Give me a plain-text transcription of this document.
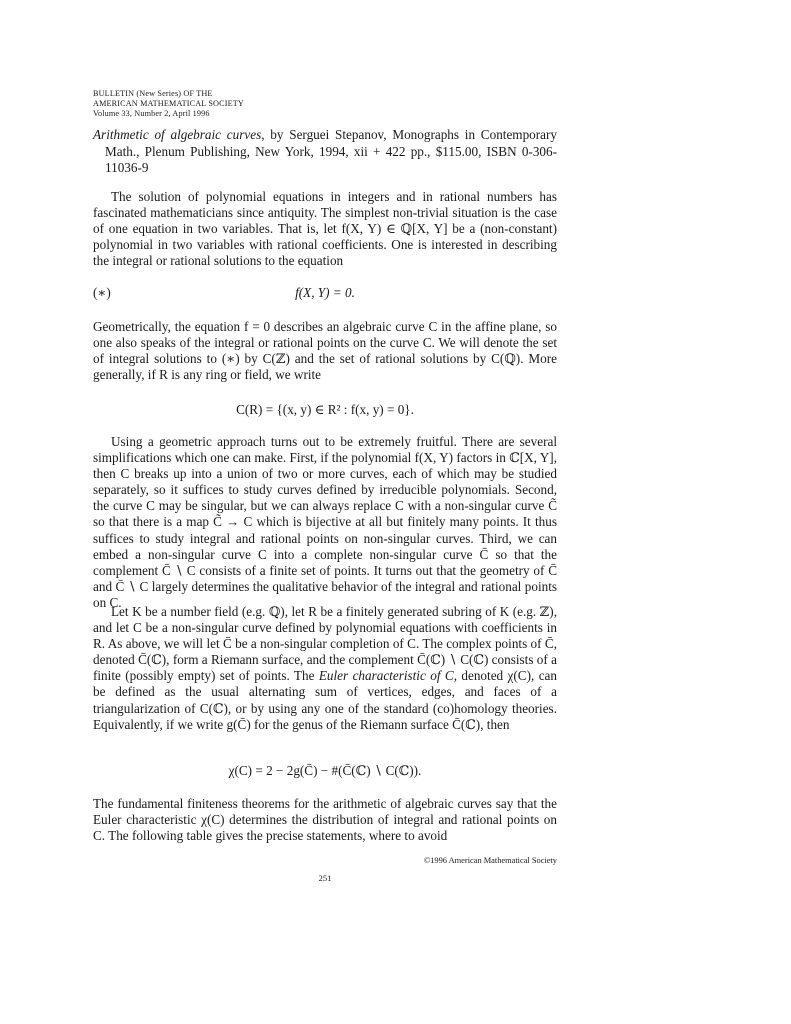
BULLETIN (New Series) OF THE
AMERICAN MATHEMATICAL SOCIETY
Volume 33, Number 2, April 1996
Arithmetic of algebraic curves, by Serguei Stepanov, Monographs in Contemporary Math., Plenum Publishing, New York, 1994, xii + 422 pp., $115.00, ISBN 0-306-11036-9
The solution of polynomial equations in integers and in rational numbers has fascinated mathematicians since antiquity. The simplest non-trivial situation is the case of one equation in two variables. That is, let f(X, Y) ∈ ℚ[X, Y] be a (non-constant) polynomial in two variables with rational coefficients. One is interested in describing the integral or rational solutions to the equation
(∗)	f(X, Y) = 0.
Geometrically, the equation f = 0 describes an algebraic curve C in the affine plane, so one also speaks of the integral or rational points on the curve C. We will denote the set of integral solutions to (∗) by C(ℤ) and the set of rational solutions by C(ℚ). More generally, if R is any ring or field, we write
C(R) = {(x, y) ∈ R² : f(x, y) = 0}.
Using a geometric approach turns out to be extremely fruitful. There are several simplifications which one can make. First, if the polynomial f(X, Y) factors in ℂ[X, Y], then C breaks up into a union of two or more curves, each of which may be studied separately, so it suffices to study curves defined by irreducible polynomials. Second, the curve C may be singular, but we can always replace C with a non-singular curve C̃ so that there is a map C̃ → C which is bijective at all but finitely many points. It thus suffices to study integral and rational points on non-singular curves. Third, we can embed a non-singular curve C into a complete non-singular curve C̄ so that the complement C̄ ∖ C consists of a finite set of points. It turns out that the geometry of C̄ and C̄ ∖ C largely determines the qualitative behavior of the integral and rational points on C.
Let K be a number field (e.g. ℚ), let R be a finitely generated subring of K (e.g. ℤ), and let C be a non-singular curve defined by polynomial equations with coefficients in R. As above, we will let C̄ be a non-singular completion of C. The complex points of C̄, denoted C̄(ℂ), form a Riemann surface, and the complement C̄(ℂ) ∖ C(ℂ) consists of a finite (possibly empty) set of points. The Euler characteristic of C, denoted χ(C), can be defined as the usual alternating sum of vertices, edges, and faces of a triangularization of C(ℂ), or by using any one of the standard (co)homology theories. Equivalently, if we write g(C̄) for the genus of the Riemann surface C̄(ℂ), then
χ(C) = 2 − 2g(C̄) − #(C̄(ℂ) ∖ C(ℂ)).
The fundamental finiteness theorems for the arithmetic of algebraic curves say that the Euler characteristic χ(C) determines the distribution of integral and rational points on C. The following table gives the precise statements, where to avoid
©1996 American Mathematical Society
251
